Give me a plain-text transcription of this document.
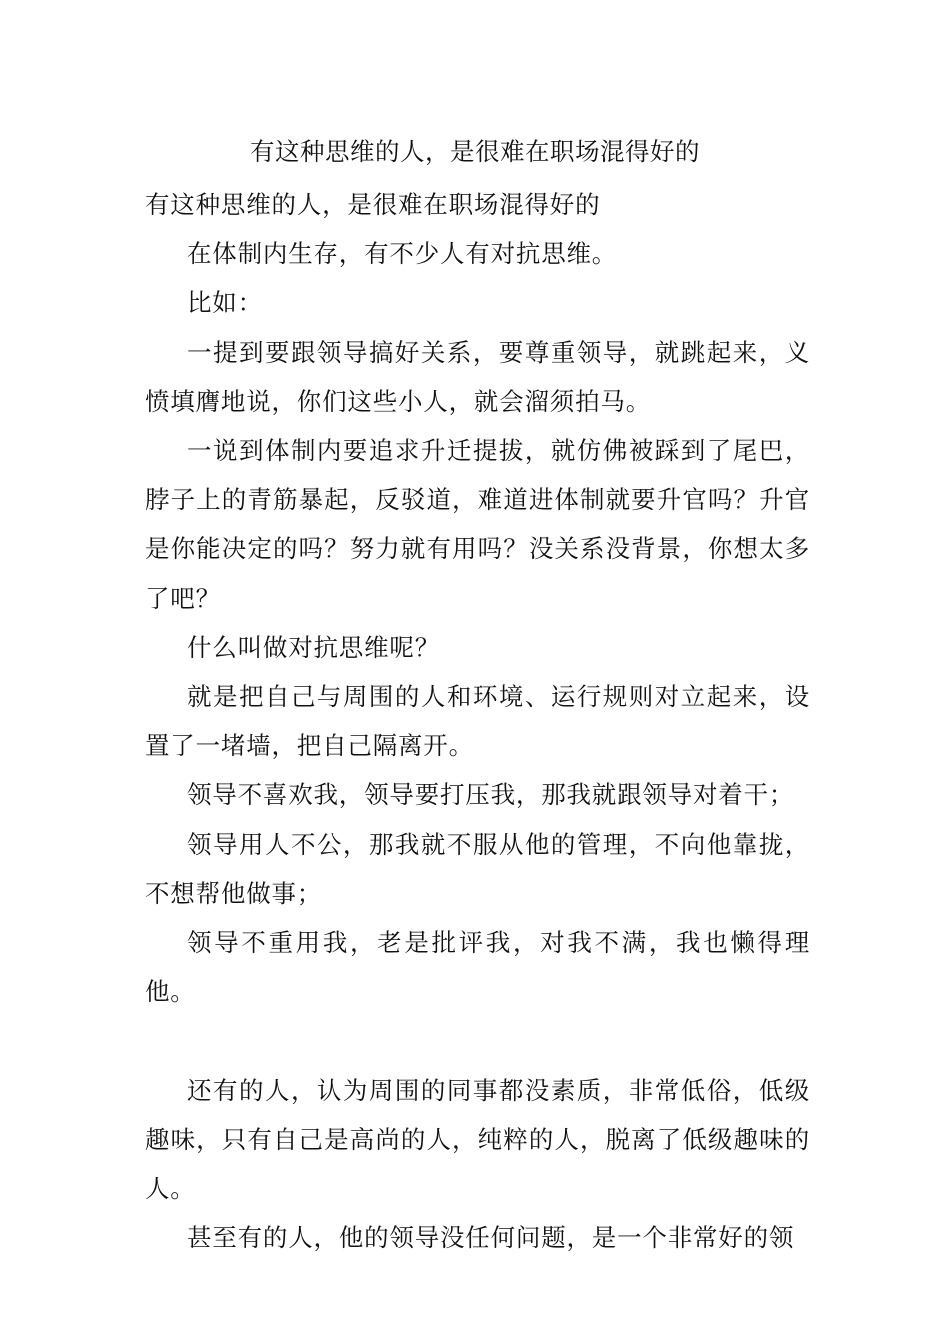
有这种思维的人，是很难在职场混得好的

有这种思维的人，是很难在职场混得好的

在体制内生存，有不少人有对抗思维。

比如：

一提到要跟领导搞好关系，要尊重领导，就跳起来，义愤填膺地说，你们这些小人，就会溜须拍马。

一说到体制内要追求升迁提拔，就仿佛被踩到了尾巴，脖子上的青筋暴起，反驳道，难道进体制就要升官吗？升官是你能决定的吗？努力就有用吗？没关系没背景，你想太多了吧？

什么叫做对抗思维呢？

就是把自己与周围的人和环境、运行规则对立起来，设置了一堵墙，把自己隔离开。

领导不喜欢我，领导要打压我，那我就跟领导对着干；

领导用人不公，那我就不服从他的管理，不向他靠拢，不想帮他做事；

领导不重用我，老是批评我，对我不满，我也懒得理他。

还有的人，认为周围的同事都没素质，非常低俗，低级趣味，只有自己是高尚的人，纯粹的人，脱离了低级趣味的人。

甚至有的人，他的领导没任何问题，是一个非常好的领
